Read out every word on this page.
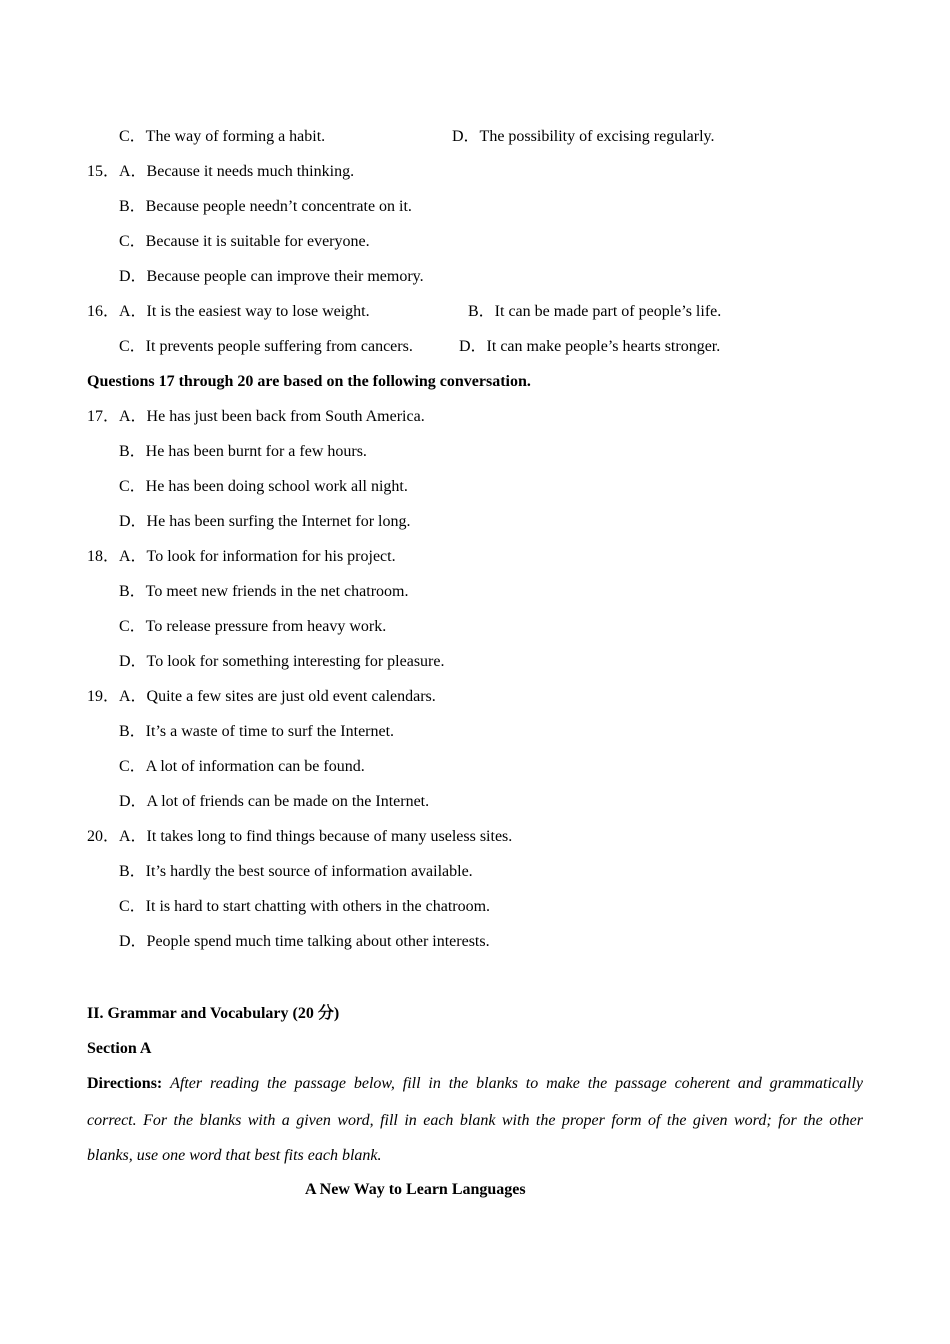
C．The way of forming a habit.	D．The possibility of excising regularly.
15．A．Because it needs much thinking.
B．Because people needn’t concentrate on it.
C．Because it is suitable for everyone.
D．Because people can improve their memory.
16．A．It is the easiest way to lose weight.	B．It can be made part of people’s life.
C．It prevents people suffering from cancers.	D．It can make people’s hearts stronger.
Questions 17 through 20 are based on the following conversation.
17．A．He has just been back from South America.
B．He has been burnt for a few hours.
C．He has been doing school work all night.
D．He has been surfing the Internet for long.
18．A．To look for information for his project.
B．To meet new friends in the net chatroom.
C．To release pressure from heavy work.
D．To look for something interesting for pleasure.
19．A．Quite a few sites are just old event calendars.
B．It’s a waste of time to surf the Internet.
C．A lot of information can be found.
D．A lot of friends can be made on the Internet.
20．A．It takes long to find things because of many useless sites.
B．It’s hardly the best source of information available.
C．It is hard to start chatting with others in the chatroom.
D．People spend much time talking about other interests.
II. Grammar and Vocabulary (20 分)
Section A
Directions: After reading the passage below, fill in the blanks to make the passage coherent and grammatically
correct. For the blanks with a given word, fill in each blank with the proper form of the given word; for the other
blanks, use one word that best fits each blank.
A New Way to Learn Languages
